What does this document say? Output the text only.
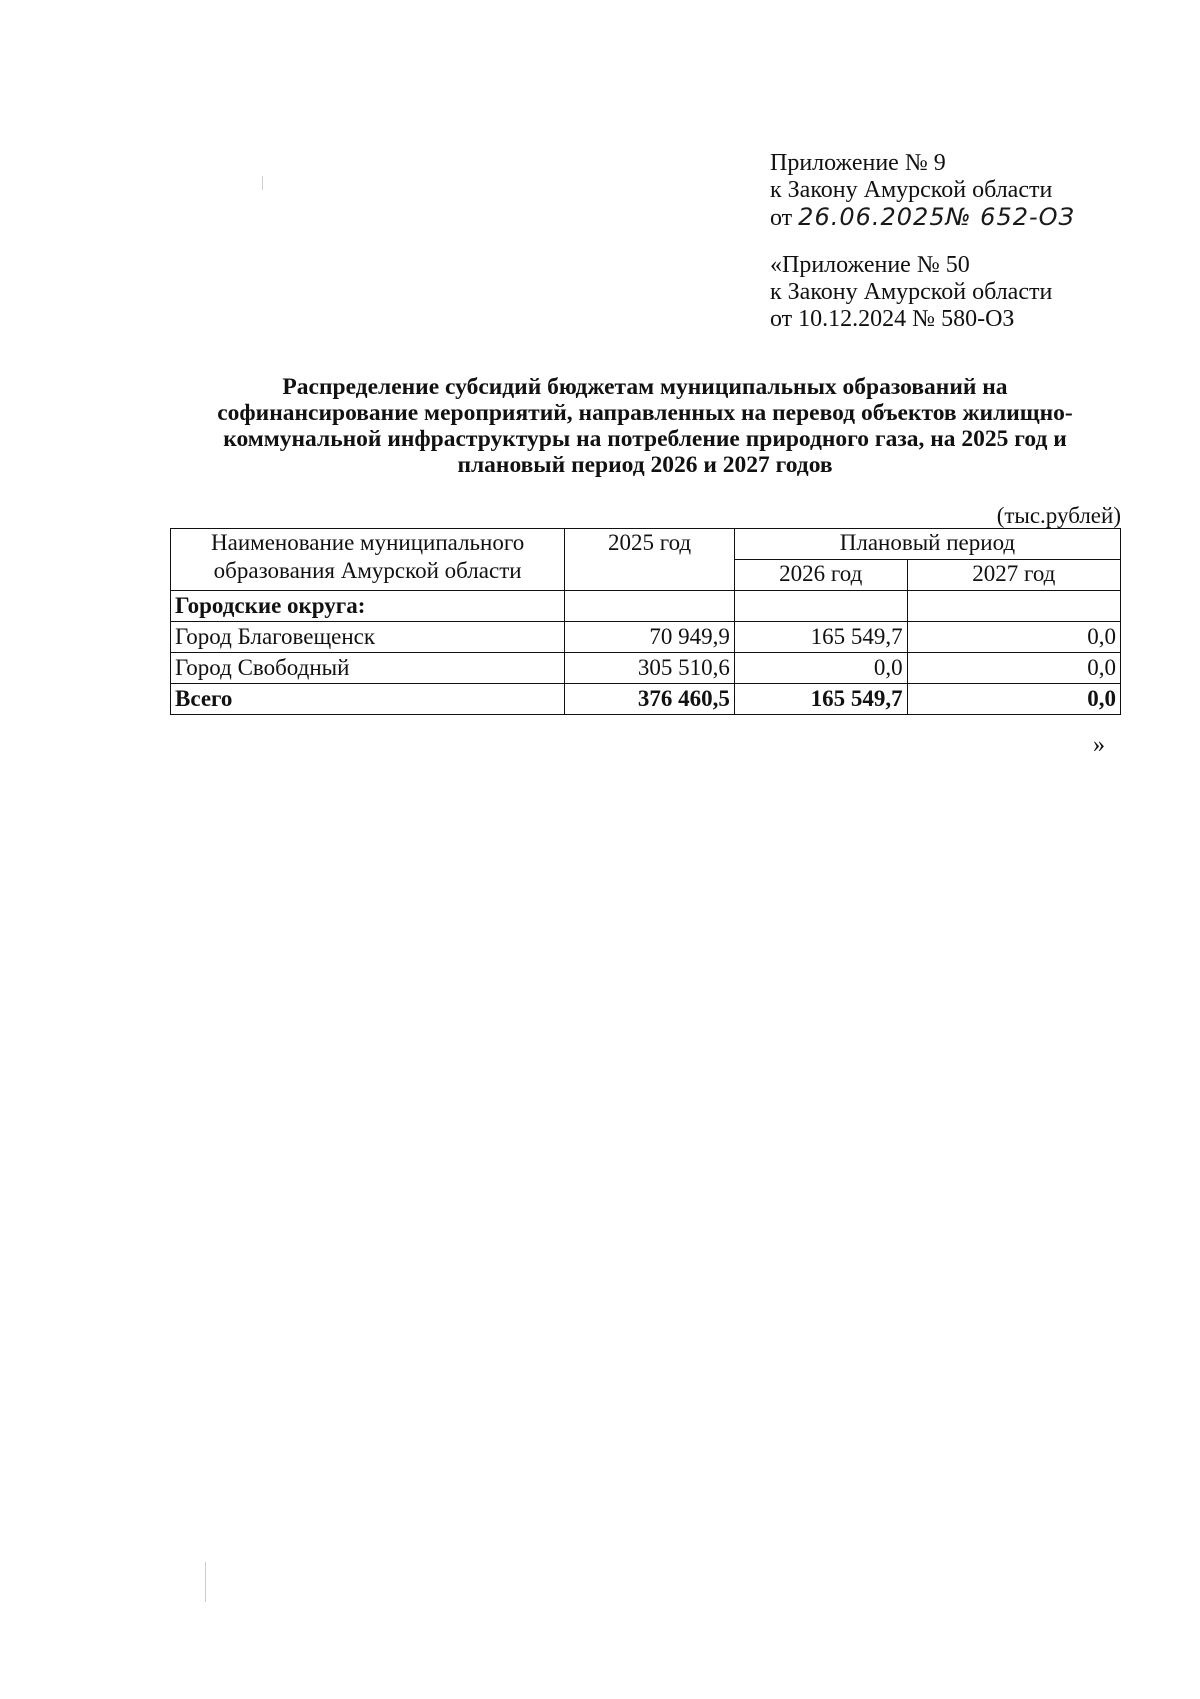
Приложение № 9
к Закону Амурской области
от 26.06.2025№ 652-ОЗ
«Приложение № 50
к Закону Амурской области
от 10.12.2024 № 580-ОЗ
Распределение субсидий бюджетам муниципальных образований на
софинансирование мероприятий, направленных на перевод объектов жилищно-
коммунальной инфраструктуры на потребление природного газа, на 2025 год и
плановый период 2026 и 2027 годов
(тыс.рублей)
Наименование муниципального
образования Амурской области	2025 год	Плановый период	
		2026 год	2027 год
Городские округа:			
Город Благовещенск	70 949,9	165 549,7	0,0
Город Свободный	305 510,6	0,0	0,0
Всего	376 460,5	165 549,7	0,0
»
